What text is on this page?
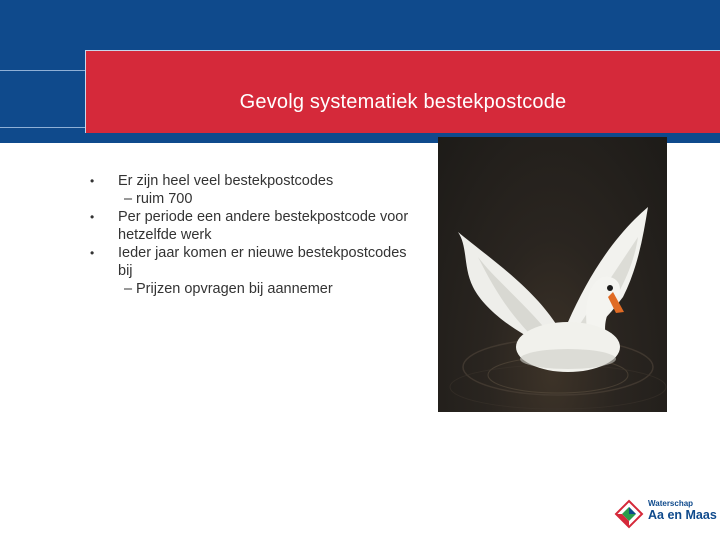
Gevolg systematiek bestekpostcode
6
• Er zijn heel veel bestekpostcodes
– ruim 700
• Per periode een andere bestekpostcode voor hetzelfde werk
• Ieder jaar komen er nieuwe bestekpostcodes bij
– Prijzen opvragen bij aannemer
Waterschap
Aa en Maas
